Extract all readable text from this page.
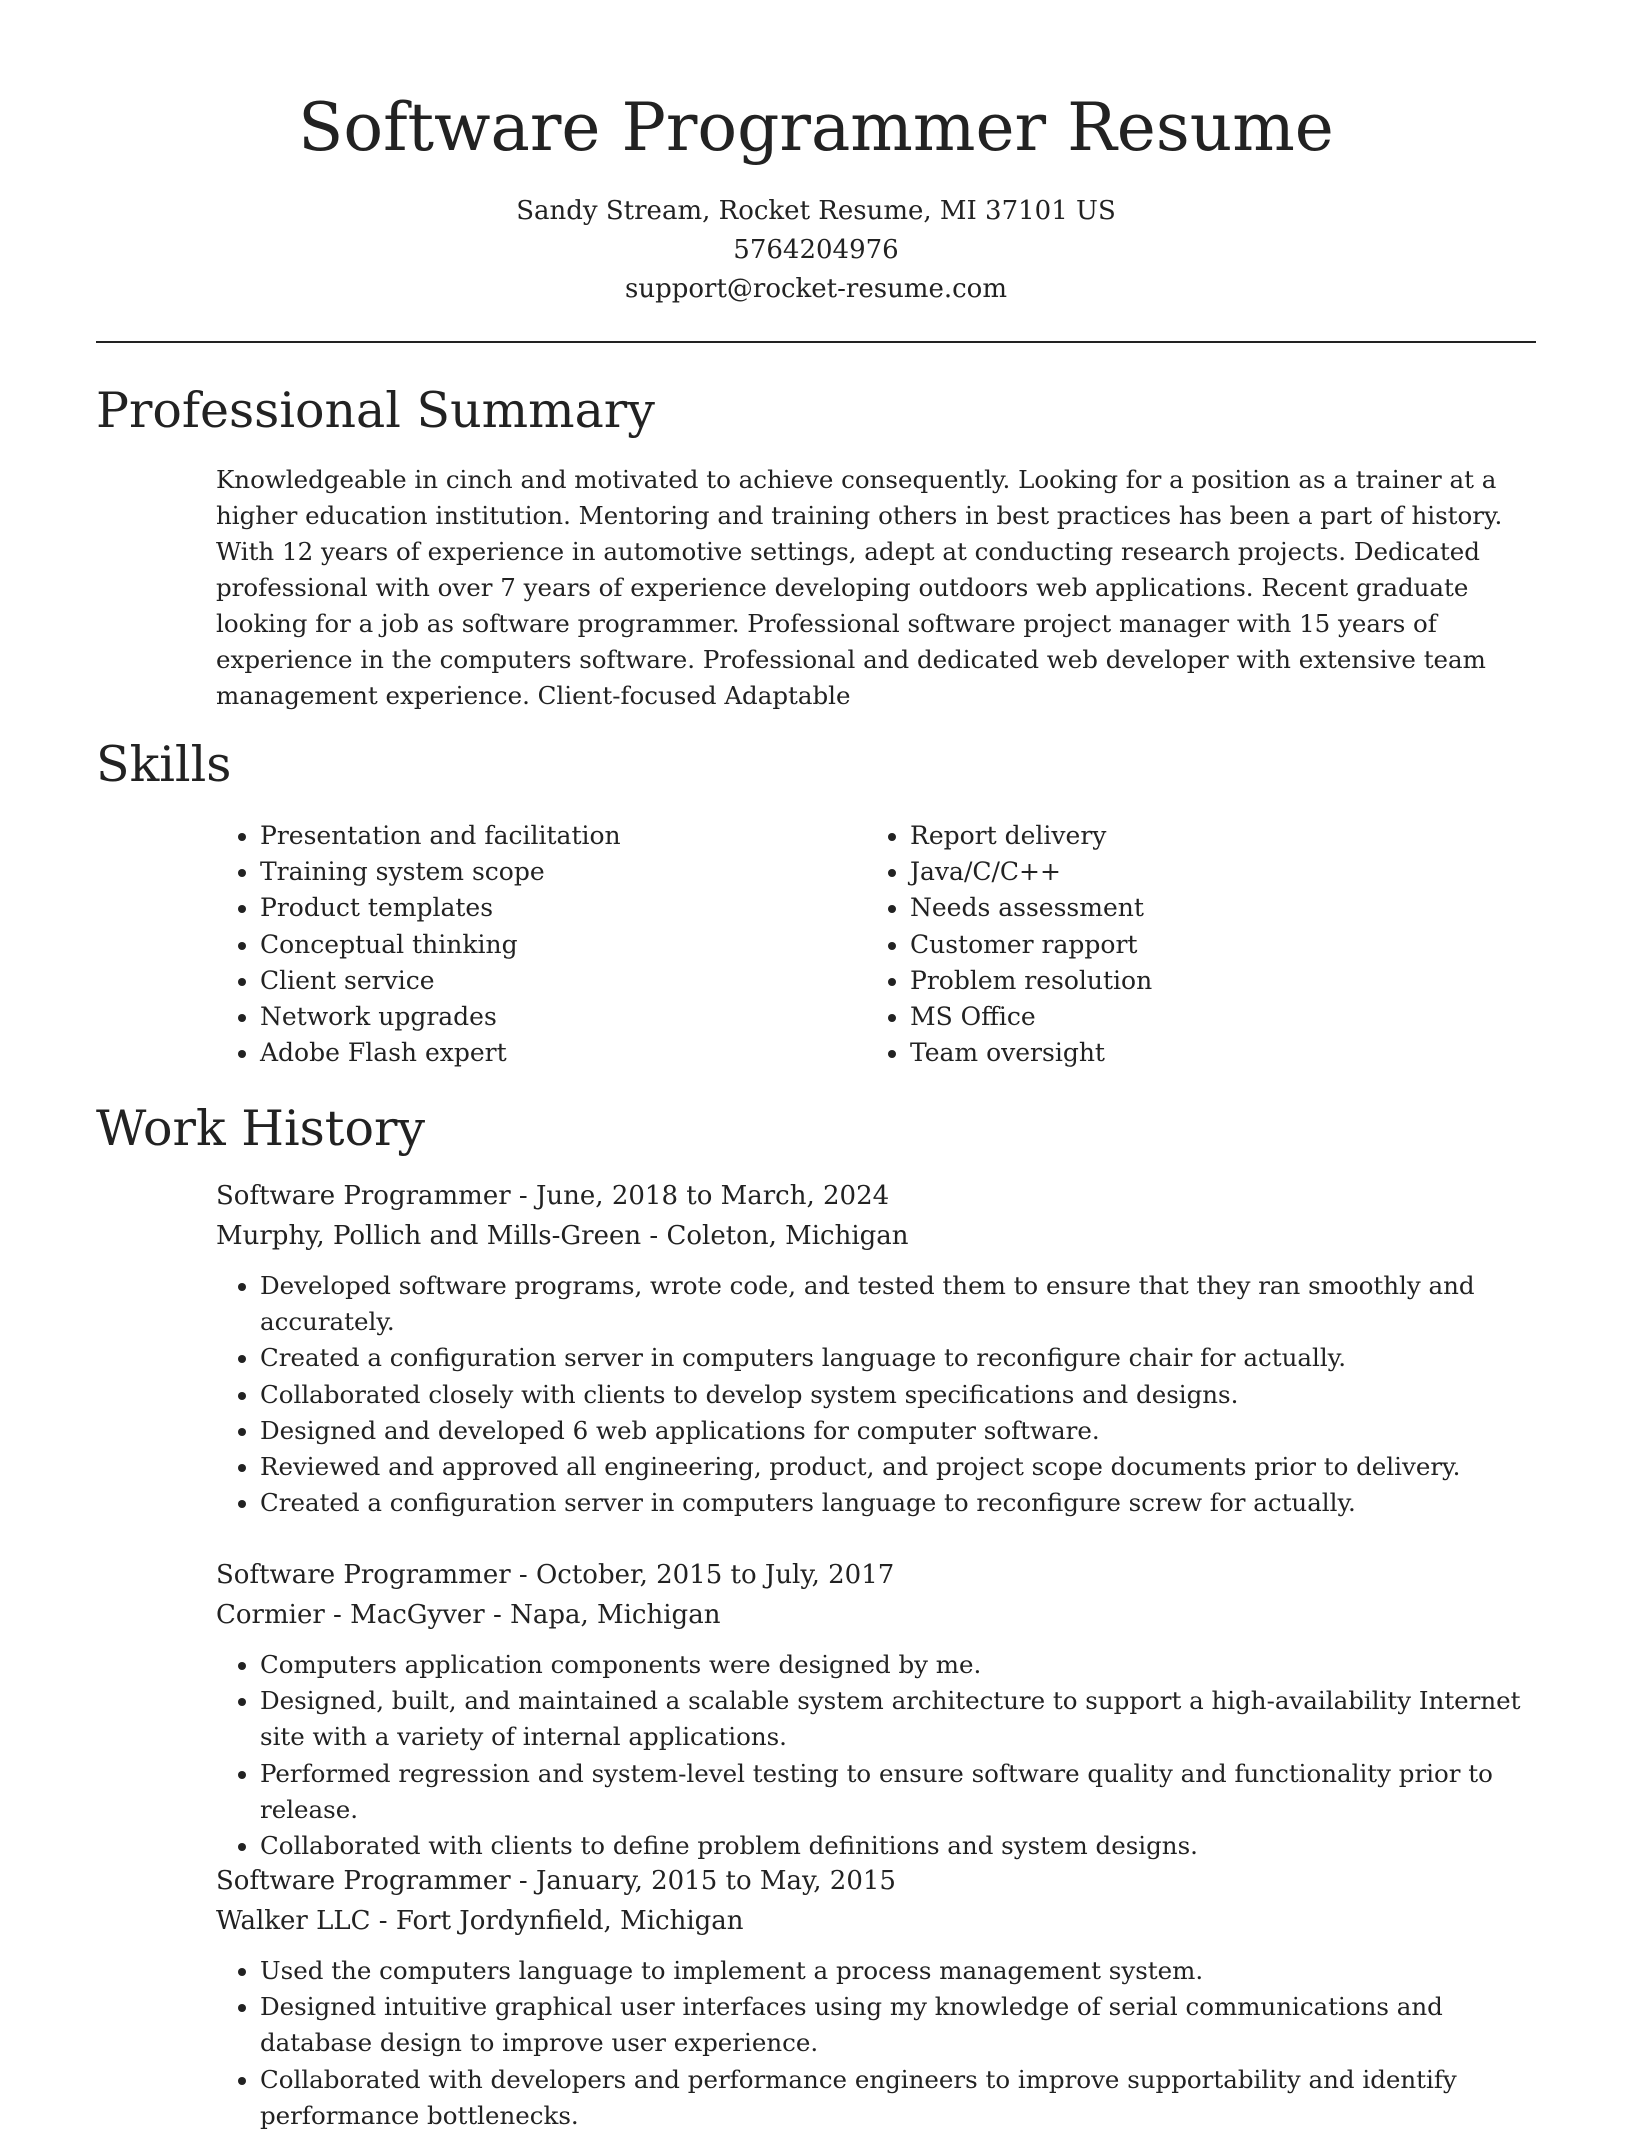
Software Programmer Resume
Sandy Stream, Rocket Resume, MI 37101 US
5764204976
support@rocket-resume.com
Professional Summary

Knowledgeable in cinch and motivated to achieve consequently. Looking for a position as a trainer at a higher education institution. Mentoring and training others in best practices has been a part of history. With 12 years of experience in automotive settings, adept at conducting research projects. Dedicated professional with over 7 years of experience developing outdoors web applications. Recent graduate looking for a job as software programmer. Professional software project manager with 15 years of experience in the computers software. Professional and dedicated web developer with extensive team management experience. Client-focused Adaptable

Skills
• Presentation and facilitation
• Training system scope
• Product templates
• Conceptual thinking
• Client service
• Network upgrades
• Adobe Flash expert
• Report delivery
• Java/C/C++
• Needs assessment
• Customer rapport
• Problem resolution
• MS Office
• Team oversight
Work History
Software Programmer - June, 2018 to March, 2024
Murphy, Pollich and Mills-Green - Coleton, Michigan
• Developed software programs, wrote code, and tested them to ensure that they ran smoothly and accurately.
• Created a configuration server in computers language to reconfigure chair for actually.
• Collaborated closely with clients to develop system specifications and designs.
• Designed and developed 6 web applications for computer software.
• Reviewed and approved all engineering, product, and project scope documents prior to delivery.
• Created a configuration server in computers language to reconfigure screw for actually.
Software Programmer - October, 2015 to July, 2017
Cormier - MacGyver - Napa, Michigan
• Computers application components were designed by me.
• Designed, built, and maintained a scalable system architecture to support a high-availability Internet site with a variety of internal applications.
• Performed regression and system-level testing to ensure software quality and functionality prior to release.
• Collaborated with clients to define problem definitions and system designs.
Software Programmer - January, 2015 to May, 2015
Walker LLC - Fort Jordynfield, Michigan
• Used the computers language to implement a process management system.
• Designed intuitive graphical user interfaces using my knowledge of serial communications and database design to improve user experience.
• Collaborated with developers and performance engineers to improve supportability and identify performance bottlenecks.
